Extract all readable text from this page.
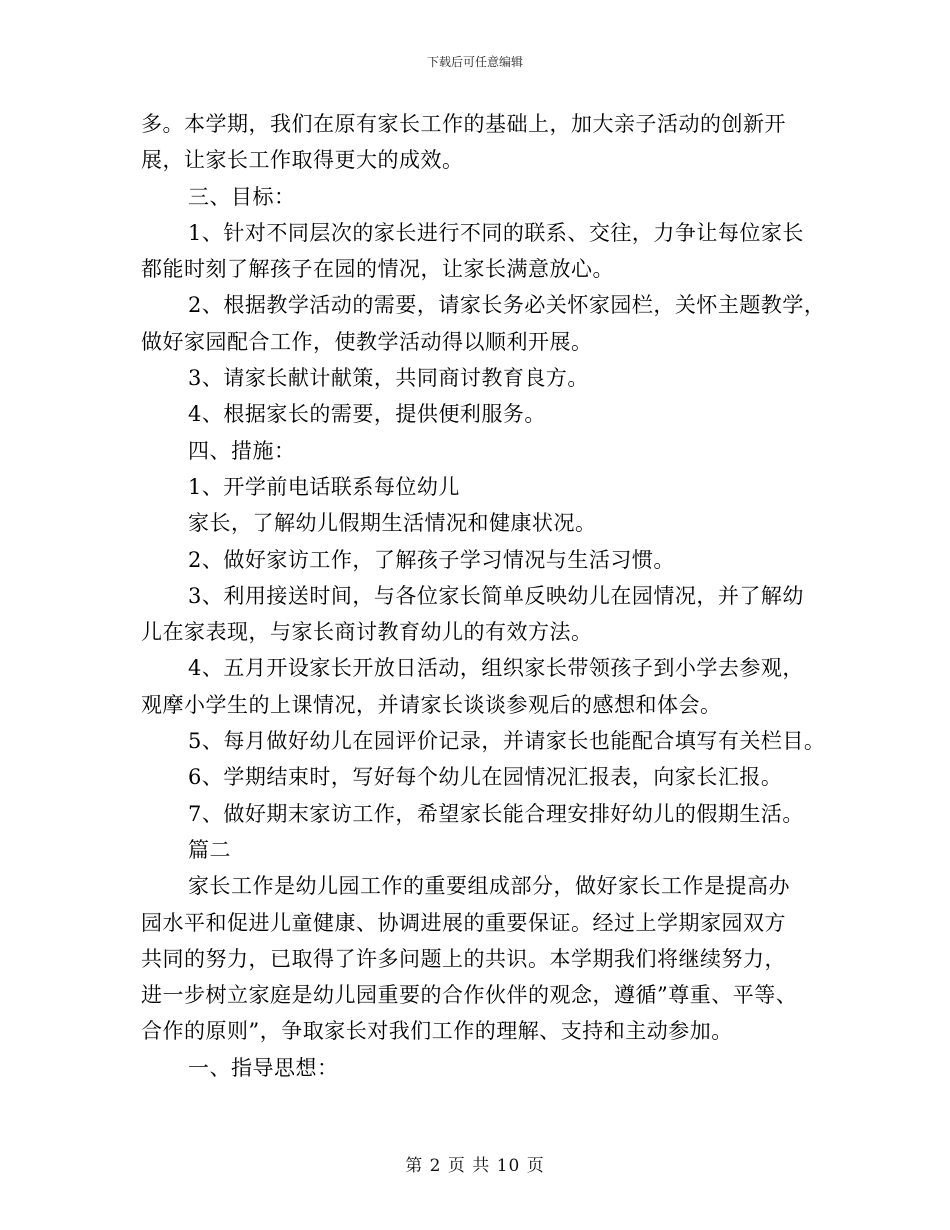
下载后可任意编辑
多。本学期，我们在原有家长工作的基础上，加大亲子活动的创新开
展，让家长工作取得更大的成效。
三、目标：
1、针对不同层次的家长进行不同的联系、交往，力争让每位家长
都能时刻了解孩子在园的情况，让家长满意放心。
2、根据教学活动的需要，请家长务必关怀家园栏，关怀主题教学，
做好家园配合工作，使教学活动得以顺利开展。
3、请家长献计献策，共同商讨教育良方。
4、根据家长的需要，提供便利服务。
四、措施：
1、开学前电话联系每位幼儿
家长，了解幼儿假期生活情况和健康状况。
2、做好家访工作，了解孩子学习情况与生活习惯。
3、利用接送时间，与各位家长简单反映幼儿在园情况，并了解幼
儿在家表现，与家长商讨教育幼儿的有效方法。
4、五月开设家长开放日活动，组织家长带领孩子到小学去参观，
观摩小学生的上课情况，并请家长谈谈参观后的感想和体会。
5、每月做好幼儿在园评价记录，并请家长也能配合填写有关栏目。
6、学期结束时，写好每个幼儿在园情况汇报表，向家长汇报。
7、做好期末家访工作，希望家长能合理安排好幼儿的假期生活。
篇二
家长工作是幼儿园工作的重要组成部分，做好家长工作是提高办
园水平和促进儿童健康、协调进展的重要保证。经过上学期家园双方
共同的努力，已取得了许多问题上的共识。本学期我们将继续努力，
进一步树立家庭是幼儿园重要的合作伙伴的观念，遵循”尊重、平等、
合作的原则”，争取家长对我们工作的理解、支持和主动参加。
一、指导思想：
第 2 页 共 10 页
